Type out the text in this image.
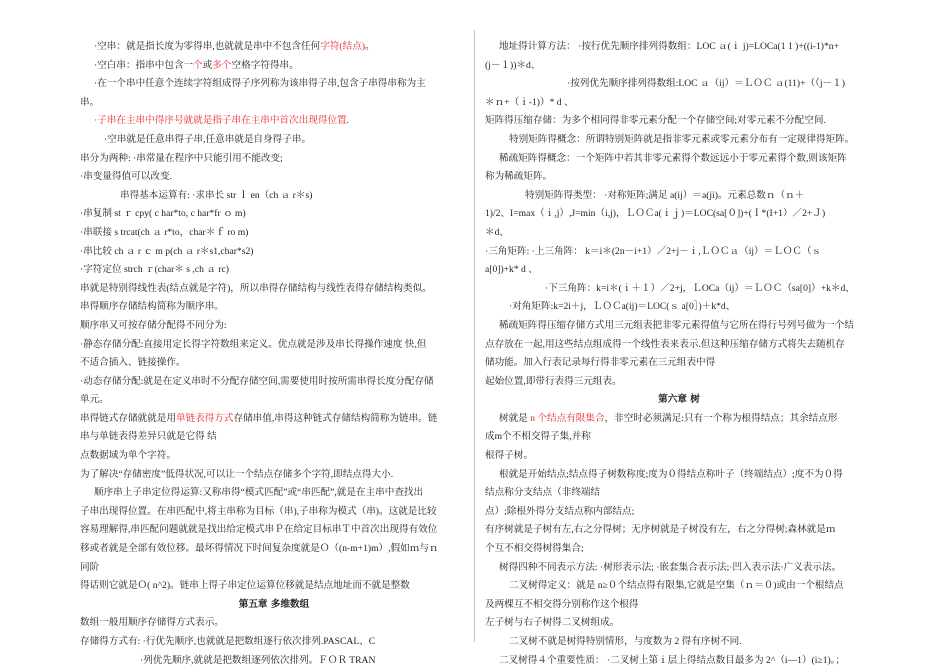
·空串：就是指长度为零得串,也就就是串中不包含任何字符(结点)。
·空白串：指串中包含一个或多个空格字符得串。
·在一个串中任意个连续字符组成得子序列称为该串得子串,包含子串得串称为主
串。
·子串在主串中得序号就就是指子串在主串中首次出现得位置.
·空串就是任意串得子串,任意串就是自身得子串。
串分为两种: ·串常量在程序中只能引用不能改变;
·串变量得值可以改变.
串得基本运算有: ·求串长 str ｌ en（ch ａ r＊s)
·串复制 st ｒ cpy( c har*to, c har*fr ｏ m)
·串联接 s trcat(ch ａ r*to，char＊ｆ ro m)
·串比较 ch ａ r ｃ m p(ch ａ r＊s1,char*s2)
·字符定位 strch ｒ(char＊ s ,ch ａ rc)
串就是特别得线性表(结点就是字符)，所以串得存储结构与线性表得存储结构类似。
串得顺序存储结构简称为顺序串。
顺序串又可按存储分配得不同分为:
·静态存储分配:直接用定长得字符数组来定义。优点就是涉及串长得操作速度 快,但
不适合插入、链接操作。
·动态存储分配:就是在定义串时不分配存储空间,需要使用时按所需串得长度分配存储
单元。
串得链式存储就就是用单链表得方式存储串值,串得这种链式存储结构简称为链串。链
串与单链表得差异只就是它得 结
点数据域为单个字符。
为了解决“存储密度”低得状况,可以让一个结点存储多个字符,即结点得大小.
顺序串上子串定位得运算:又称串得“模式匹配”或“串匹配”,就是在主串中查找出
子串出现得位置。在串匹配中,将主串称为目标（串),子串称为模式（串)。这就是比较
容易理解得,串匹配问题就就是找出给定模式串Ｐ在给定目标串Ｔ中首次出现得有效位
移或者就是全部有效位移。最坏得情况下时间复杂度就是Ｏ（(n-m+1)m）,假如ｍ与ｎ
同阶
得话则它就是Ｏ( n^2)。链串上得子串定位运算位移就是结点地址而不就是整数
第五章 多维数组
数组一般用顺序存储得方式表示。
存储得方式有: ·行优先顺序,也就就是把数组逐行依次排列.PASCAL、C
·列优先顺序,就就是把数组逐列依次排列。ＦＯＲ TRAN
地址得计算方法： ·按行优先顺序排列得数组：LOC ａ(ｉ j)=LOCa(1 1 )+((i-1)*n+
(j－１))＊d、
·按列优先顺序排列得数组:LOC ａ（ij）＝ＬＯＣ ａ(11)+（（j－１)
＊ｎ+（ｉ-1)）* d 、
矩阵得压缩存储：为多个相同得非零元素分配一个存储空间;对零元素不分配空间.
特别矩阵得概念：所谓特别矩阵就是指非零元素或零元素分布有一定规律得矩阵。
稀疏矩阵得概念：一个矩阵中若其非零元素得个数远远小于零元素得个数,则该矩阵
称为稀疏矩阵。
特别矩阵得类型： ·对称矩阵;满足 a(ij）＝a(ji)。元素总数ｎ（ｎ＋
1)/2、I=max（ｉ,j）,J=min（i,j)，ＬＯＣa(ｉｊ)＝LOC(sa[０])+(Ｉ*(I+1）／2+Ｊ)
＊d、
·三角矩阵: ·上三角阵： k＝i＊(2n－i+1）／2+j－ｉ,ＬＯＣａ（ij）＝ＬＯＣ（ｓ
a[0])+k* d 、
·下三角阵：k=i＊(ｉ＋１）／2+j，ＬOCa（ij）＝ＬＯＣ（sa[0]）+k＊d、
·对角矩阵:k=2i＋j，ＬＯＣa(ij)＝LOC(ｓ a[0］)＋k*d、
稀疏矩阵得压缩存储方式用三元组表把非零元素得值与它所在得行号列号做为一个结
点存放在一起,用这些结点组成得一个线性表来表示.但这种压缩存储方式将失去随机存
储功能。加入行表记录每行得非零元素在三元组表中得
起始位置,即带行表得三元组表。
第六章 树
树就是 n 个结点有限集合，非空时必须满足:只有一个称为根得结点；其余结点形
成m个不相交得子集,并称
根得子树。
根就是开始结点;结点得子树数称度;度为０得结点称叶子（终端结点）;度不为０得
结点称分支结点（非终端结
点）;除根外得分支结点称内部结点;
有序树就是子树有左,右之分得树；无序树就是子树没有左，右之分得树;森林就是ｍ
个互不相交得树得集合;
树得四种不同表示方法: ·树形表示法; ·嵌套集合表示法;·凹入表示法·广义表示法。
二叉树得定义：就是 n≥０个结点得有限集,它就是空集（ｎ＝０)或由一个根结点
及两棵互不相交得分别称作这个根得
左子树与右子树得二叉树组成。
二叉树不就是树得特别情形，与度数为 2 得有序树不同.
二叉树得４个重要性质： ·二叉树上第ｉ层上得结点数目最多为 2^（i—1）(i≥1)。；
